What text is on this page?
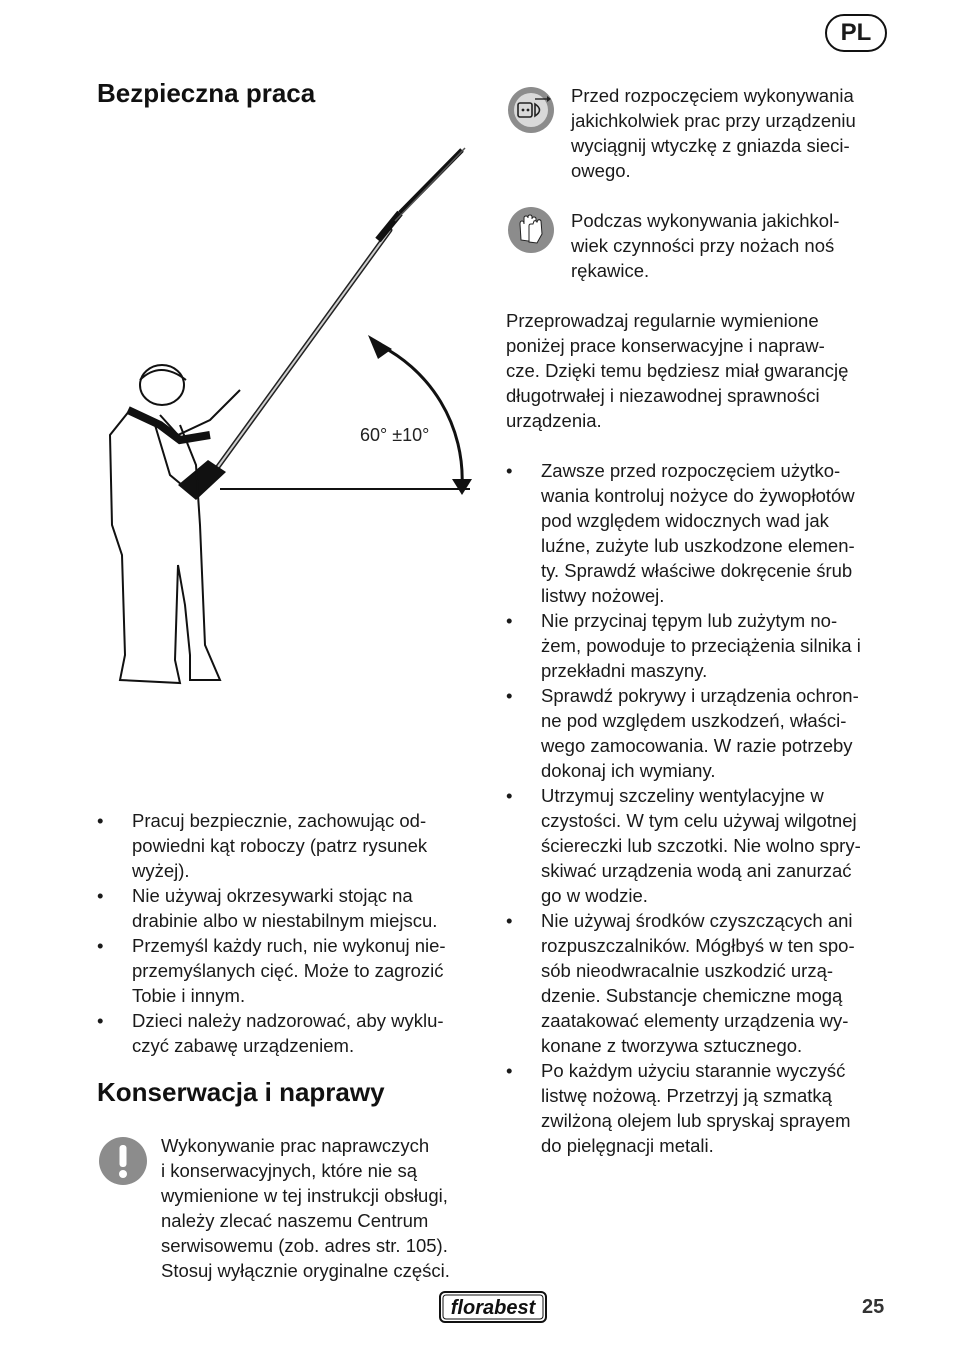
PL
Bezpieczna praca
60° ±10°
• Pracuj bezpiecznie, zachowując od-
powiedni kąt roboczy (patrz rysunek
wyżej).
• Nie używaj okrzesywarki stojąc na
drabinie albo w niestabilnym miejscu.
• Przemyśl każdy ruch, nie wykonuj nie-
przemyślanych cięć. Może to zagrozić
Tobie i innym.
• Dzieci należy nadzorować, aby wyklu-
czyć zabawę urządzeniem.
Konserwacja i naprawy

Wykonywanie prac naprawczych
i konserwacyjnych, które nie są
wymienione w tej instrukcji obsługi,
należy zlecać naszemu Centrum
serwisowemu (zob. adres str. 105).
Stosuj wyłącznie oryginalne części.

Przed rozpoczęciem wykonywania
jakichkolwiek prac przy urządzeniu
wyciągnij wtyczkę z gniazda sieciowego.

Podczas wykonywania jakichkol-
wiek czynności przy nożach noś
rękawice.

Przeprowadzaj regularnie wymienione
poniżej prace konserwacyjne i napraw-
cze. Dzięki temu będziesz miał gwarancję
długotrwałej i niezawodnej sprawności
urządzenia.

• Zawsze przed rozpoczęciem użytko-
wania kontroluj nożyce do żywopłotów
pod względem widocznych wad jak
luźne, zużyte lub uszkodzone elemen-
ty. Sprawdź właściwe dokręcenie śrub
listwy nożowej.
• Nie przycinaj tępym lub zużytym no-
żem, powoduje to przeciążenia silnika i
przekładni maszyny.
• Sprawdź pokrywy i urządzenia ochron-
ne pod względem uszkodzeń, właści-
wego zamocowania. W razie potrzeby
dokonaj ich wymiany.
• Utrzymuj szczeliny wentylacyjne w
czystości. W tym celu używaj wilgotnej
ściereczki lub szczotki. Nie wolno spry-
skiwać urządzenia wodą ani zanurzać
go w wodzie.
• Nie używaj środków czyszczących ani
rozpuszczalników. Mógłbyś w ten spo-
sób nieodwracalnie uszkodzić urzą-
dzenie. Substancje chemiczne mogą
zaatakować elementy urządzenia wy-
konane z tworzywa sztucznego.
• Po każdym użyciu starannie wyczyść
listwę nożową. Przetrzyj ją szmatką
zwilżoną olejem lub spryskaj sprayem
do pielęgnacji metali.
florabest	25
